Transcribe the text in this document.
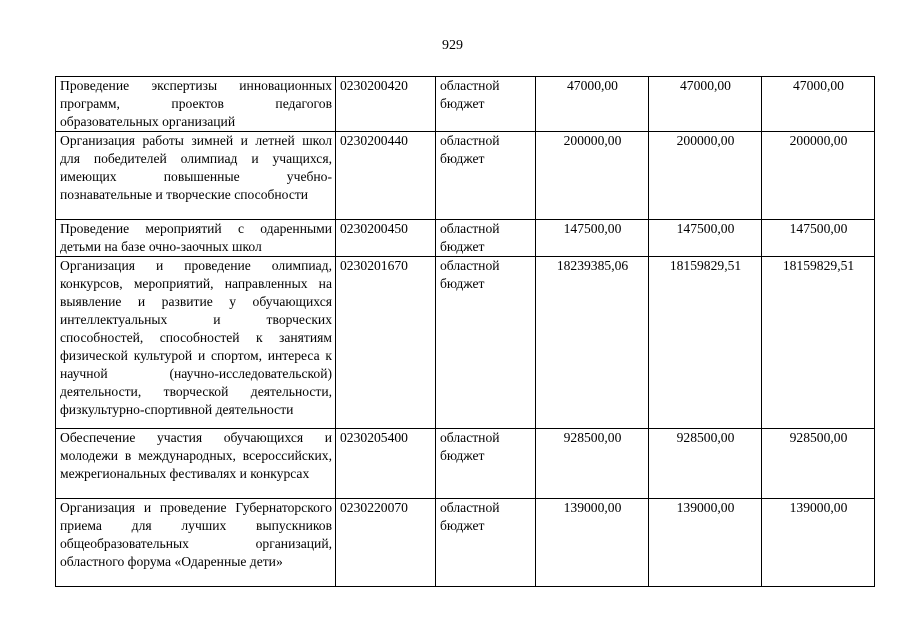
929
Проведение экспертизы инновационных программ, проектов педагогов образовательных организаций	0230200420	областной бюджет	47000,00	47000,00	47000,00
Организация работы зимней и летней школ для победителей олимпиад и учащихся, имеющих повышенные учебно-познавательные и творческие способности	0230200440	областной бюджет	200000,00	200000,00	200000,00
Проведение мероприятий с одаренными детьми на базе очно-заочных школ	0230200450	областной бюджет	147500,00	147500,00	147500,00
Организация и проведение олимпиад, конкурсов, мероприятий, направленных на выявление и развитие у обучающихся интеллектуальных и творческих способностей, способностей к занятиям физической культурой и спортом, интереса к научной (научно-исследовательской) деятельности, творческой деятельности, физкультурно-спортивной деятельности	0230201670	областной бюджет	18239385,06	18159829,51	18159829,51
Обеспечение участия обучающихся и молодежи в международных, всероссийских, межрегиональных фестивалях и конкурсах	0230205400	областной бюджет	928500,00	928500,00	928500,00
Организация и проведение Губернаторского приема для лучших выпускников общеобразовательных организаций, областного форума «Одаренные дети»	0230220070	областной бюджет	139000,00	139000,00	139000,00
